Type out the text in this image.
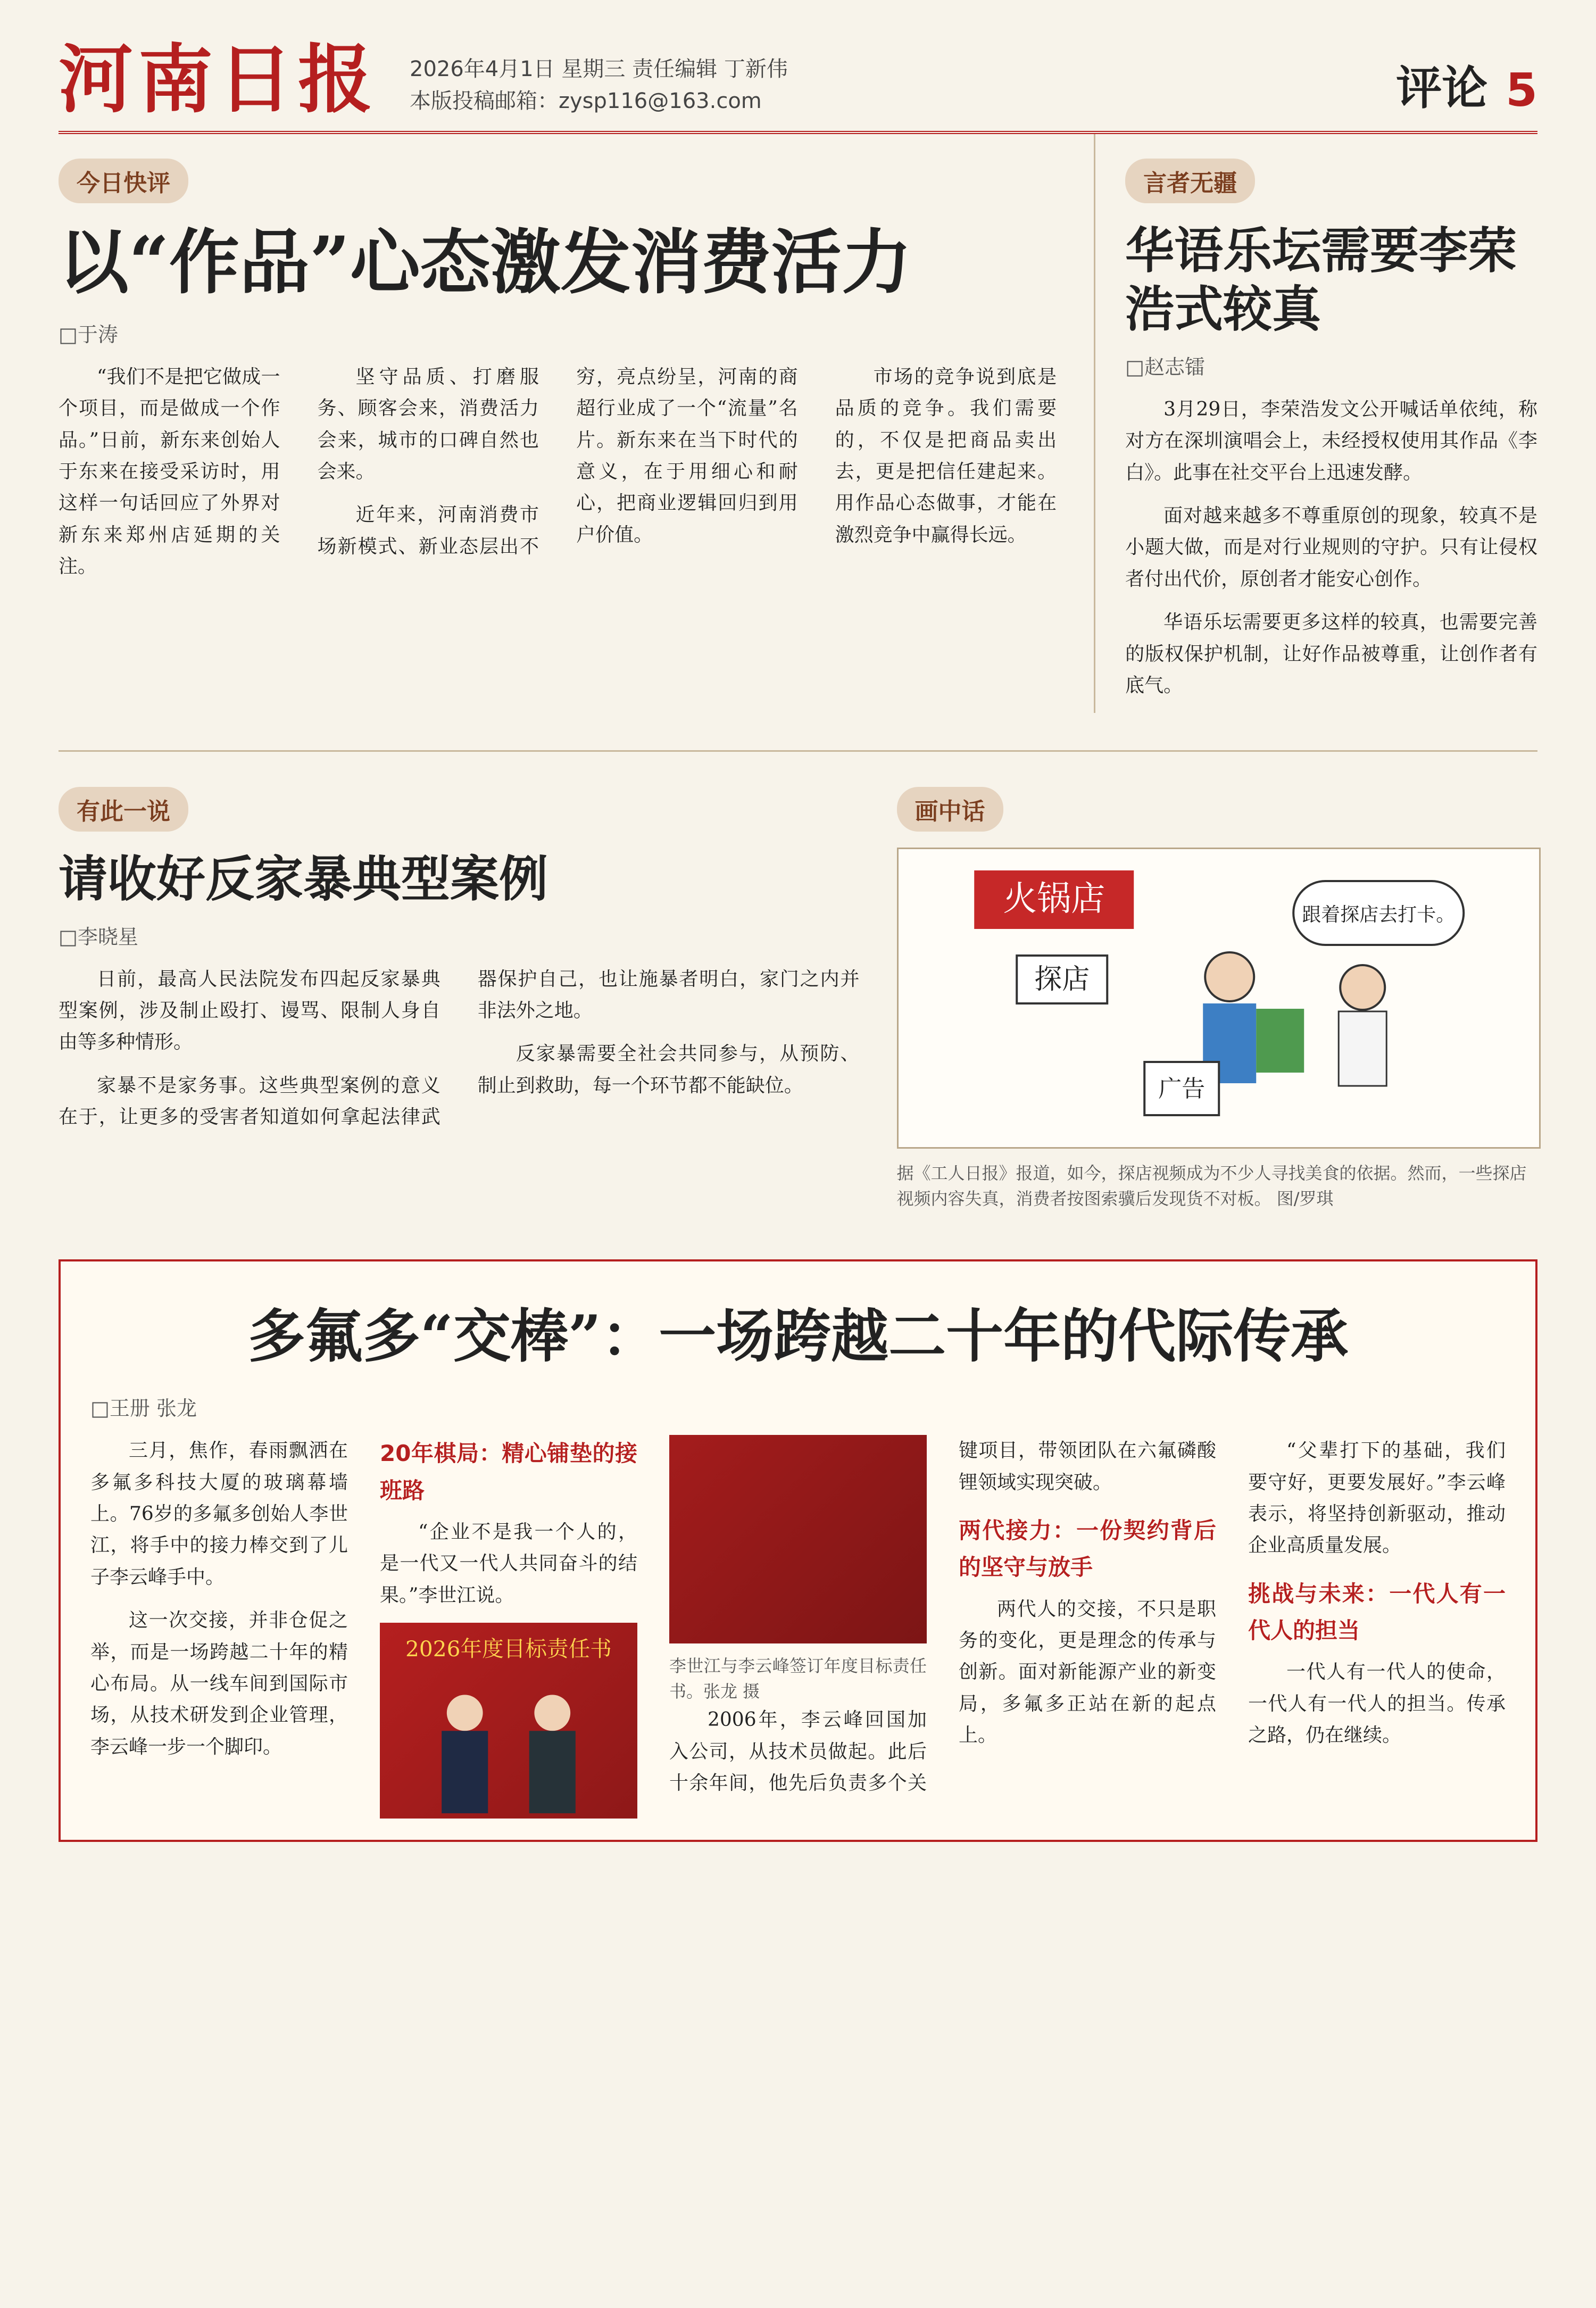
河南日报 2026年4月1日 星期三 责任编辑 丁新伟
本版投稿邮箱：zysp116@163.com	评论 5
今日快评
以“作品”心态激发消费活力
□于涛

“我们不是把它做成一个项目，而是做成一个作品。”日前，新东来创始人于东来在接受采访时，用这样一句话回应了外界对新东来郑州店延期的关注。

坚守品质、打磨服务、顾客会来，消费活力会来，城市的口碑自然也会来。

近年来，河南消费市场新模式、新业态层出不穷，亮点纷呈，河南的商超行业成了一个“流量”名片。新东来在当下时代的意义，在于用细心和耐心，把商业逻辑回归到用户价值。

市场的竞争说到底是品质的竞争。我们需要的，不仅是把商品卖出去，更是把信任建起来。用作品心态做事，才能在激烈竞争中赢得长远。

言者无疆
华语乐坛需要李荣浩式较真
□赵志镭

3月29日，李荣浩发文公开喊话单依纯，称对方在深圳演唱会上，未经授权使用其作品《李白》。此事在社交平台上迅速发酵。

面对越来越多不尊重原创的现象，较真不是小题大做，而是对行业规则的守护。只有让侵权者付出代价，原创者才能安心创作。

华语乐坛需要更多这样的较真，也需要完善的版权保护机制，让好作品被尊重，让创作者有底气。

有此一说
请收好反家暴典型案例
□李晓星

日前，最高人民法院发布四起反家暴典型案例，涉及制止殴打、谩骂、限制人身自由等多种情形。

家暴不是家务事。这些典型案例的意义在于，让更多的受害者知道如何拿起法律武器保护自己，也让施暴者明白，家门之内并非法外之地。

反家暴需要全社会共同参与，从预防、制止到救助，每一个环节都不能缺位。

画中话
火锅店
探店
跟着探店去打卡。
广告
据《工人日报》报道，如今，探店视频成为不少人寻找美食的依据。然而，一些探店视频内容失真，消费者按图索骥后发现货不对板。 图/罗琪
多氟多“交棒”：一场跨越二十年的代际传承
□王册 张龙

三月，焦作，春雨飘洒在多氟多科技大厦的玻璃幕墙上。76岁的多氟多创始人李世江，将手中的接力棒交到了儿子李云峰手中。

这一次交接，并非仓促之举，而是一场跨越二十年的精心布局。从一线车间到国际市场，从技术研发到企业管理，李云峰一步一个脚印。

20年棋局：精心铺垫的接班路

“企业不是我一个人的，是一代又一代人共同奋斗的结果。”李世江说。

2026年度目标责任书
李世江与李云峰签订年度目标责任书。张龙 摄

2006年，李云峰回国加入公司，从技术员做起。此后十余年间，他先后负责多个关键项目，带领团队在六氟磷酸锂领域实现突破。

两代接力：一份契约背后的坚守与放手

两代人的交接，不只是职务的变化，更是理念的传承与创新。面对新能源产业的新变局，多氟多正站在新的起点上。

“父辈打下的基础，我们要守好，更要发展好。”李云峰表示，将坚持创新驱动，推动企业高质量发展。

挑战与未来：一代人有一代人的担当

一代人有一代人的使命，一代人有一代人的担当。传承之路，仍在继续。
